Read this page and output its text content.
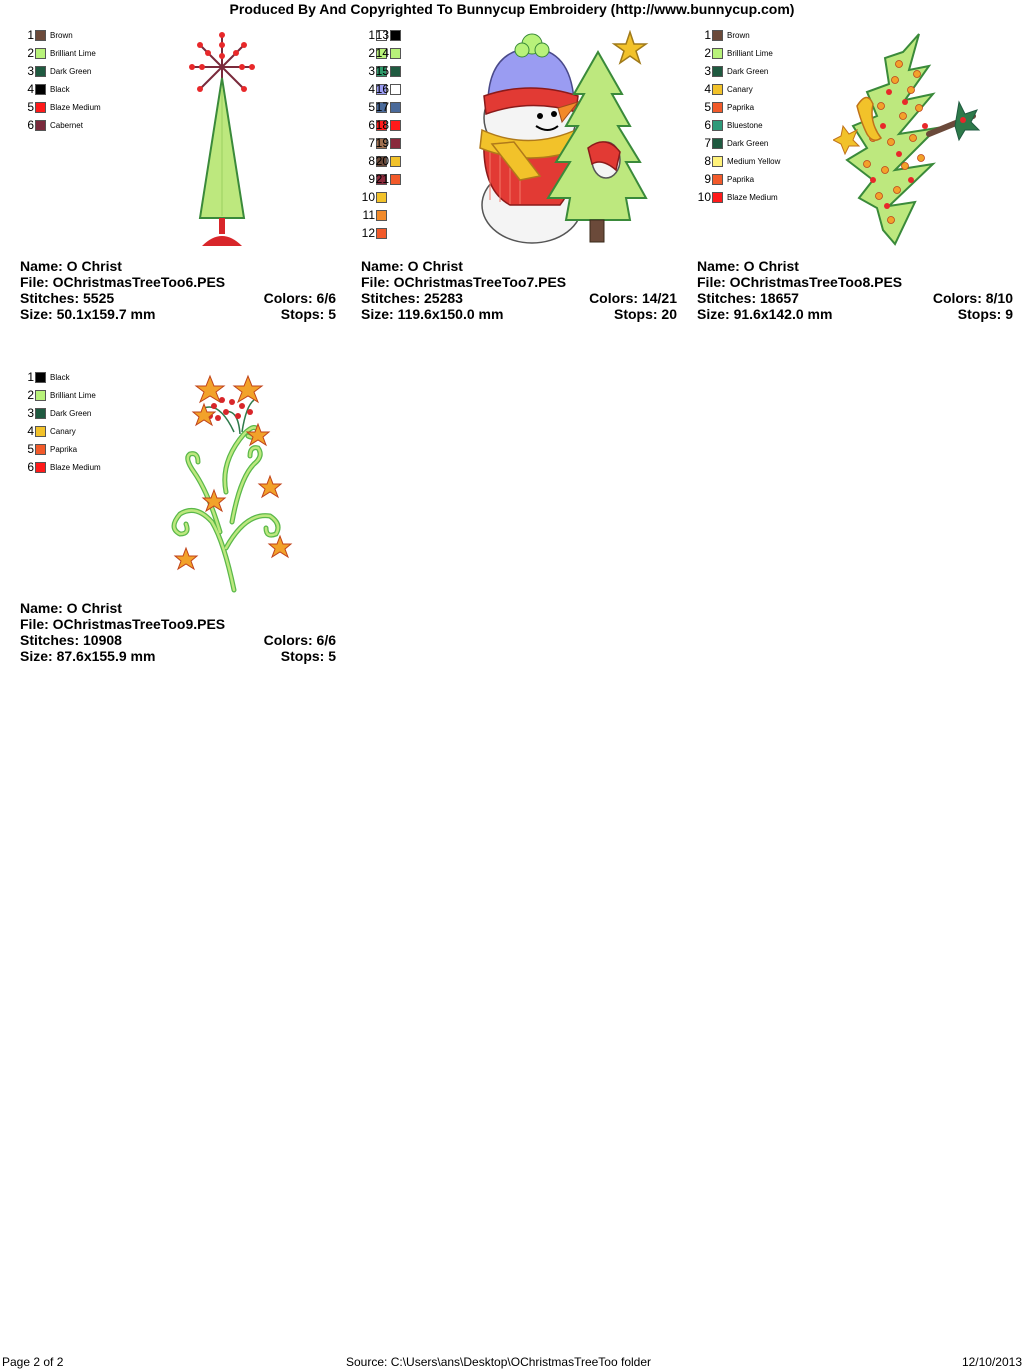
Produced By And Copyrighted To Bunnycup Embroidery (http://www.bunnycup.com)
1 Brown
2 Brilliant Lime
3 Dark Green
4 Black
5 Blaze Medium
6 Cabernet
Name: O Christ
File: OChristmasTreeToo6.PES
Stitches: 5525	Colors: 6/6
Size: 50.1x159.7 mm	Stops: 5
1
2
3
4
5
6
7
8
9
10
11
12
13
14
15
16
17
18
19
20
21
Name: O Christ
File: OChristmasTreeToo7.PES
Stitches: 25283	Colors: 14/21
Size: 119.6x150.0 mm	Stops: 20
1 Brown
2 Brilliant Lime
3 Dark Green
4 Canary
5 Paprika
6 Bluestone
7 Dark Green
8 Medium Yellow
9 Paprika
10 Blaze Medium
Name: O Christ
File: OChristmasTreeToo8.PES
Stitches: 18657	Colors: 8/10
Size: 91.6x142.0 mm	Stops: 9
1 Black
2 Brilliant Lime
3 Dark Green
4 Canary
5 Paprika
6 Blaze Medium
Name: O Christ
File: OChristmasTreeToo9.PES
Stitches: 10908	Colors: 6/6
Size: 87.6x155.9 mm	Stops: 5
Page 2 of 2	Source: C:\Users\ans\Desktop\OChristmasTreeToo folder	12/10/2013
